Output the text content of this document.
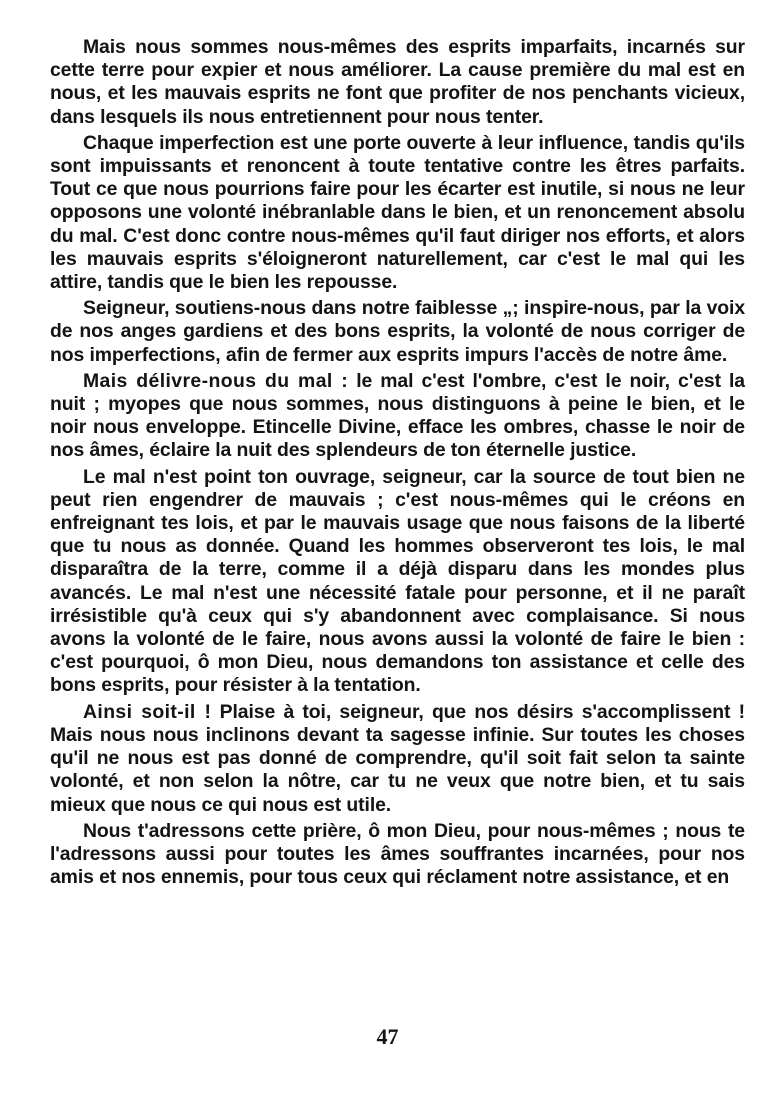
Mais nous sommes nous-mêmes des esprits imparfaits, incarnés sur cette terre pour expier et nous améliorer. La cause première du mal est en nous, et les mauvais esprits ne font que profiter de nos penchants vicieux, dans lesquels ils nous entretiennent pour nous tenter.

Chaque imperfection est une porte ouverte à leur influence, tandis qu'ils sont impuissants et renoncent à toute tentative contre les êtres parfaits. Tout ce que nous pourrions faire pour les écarter est inutile, si nous ne leur opposons une volonté inébranlable dans le bien, et un renoncement absolu du mal. C'est donc contre nous-mêmes qu'il faut diriger nos efforts, et alors les mauvais esprits s'éloigneront naturellement, car c'est le mal qui les attire, tandis que le bien les repousse.

Seigneur, soutiens-nous dans notre faiblesse „; inspire-nous, par la voix de nos anges gardiens et des bons esprits, la volonté de nous corriger de nos imperfections, afin de fermer aux esprits impurs l'accès de notre âme.

Mais délivre-nous du mal : le mal c'est l'ombre, c'est le noir, c'est la nuit ; myopes que nous sommes, nous distinguons à peine le bien, et le noir nous enveloppe. Etincelle Divine, efface les ombres, chasse le noir de nos âmes, éclaire la nuit des splendeurs de ton éternelle justice.

Le mal n'est point ton ouvrage, seigneur, car la source de tout bien ne peut rien engendrer de mauvais ; c'est nous-mêmes qui le créons en enfreignant tes lois, et par le mauvais usage que nous faisons de la liberté que tu nous as donnée. Quand les hommes observeront tes lois, le mal disparaîtra de la terre, comme il a déjà disparu dans les mondes plus avancés. Le mal n'est une nécessité fatale pour personne, et il ne paraît irrésistible qu'à ceux qui s'y abandonnent avec complaisance. Si nous avons la volonté de le faire, nous avons aussi la volonté de faire le bien : c'est pourquoi, ô mon Dieu, nous demandons ton assistance et celle des bons esprits, pour résister à la tentation.

Ainsi soit-il ! Plaise à toi, seigneur, que nos désirs s'accomplissent ! Mais nous nous inclinons devant ta sagesse infinie. Sur toutes les choses qu'il ne nous est pas donné de comprendre, qu'il soit fait selon ta sainte volonté, et non selon la nôtre, car tu ne veux que notre bien, et tu sais mieux que nous ce qui nous est utile.

Nous t'adressons cette prière, ô mon Dieu, pour nous-mêmes ; nous te l'adressons aussi pour toutes les âmes souffrantes incarnées, pour nos amis et nos ennemis, pour tous ceux qui réclament notre assistance, et en

47
